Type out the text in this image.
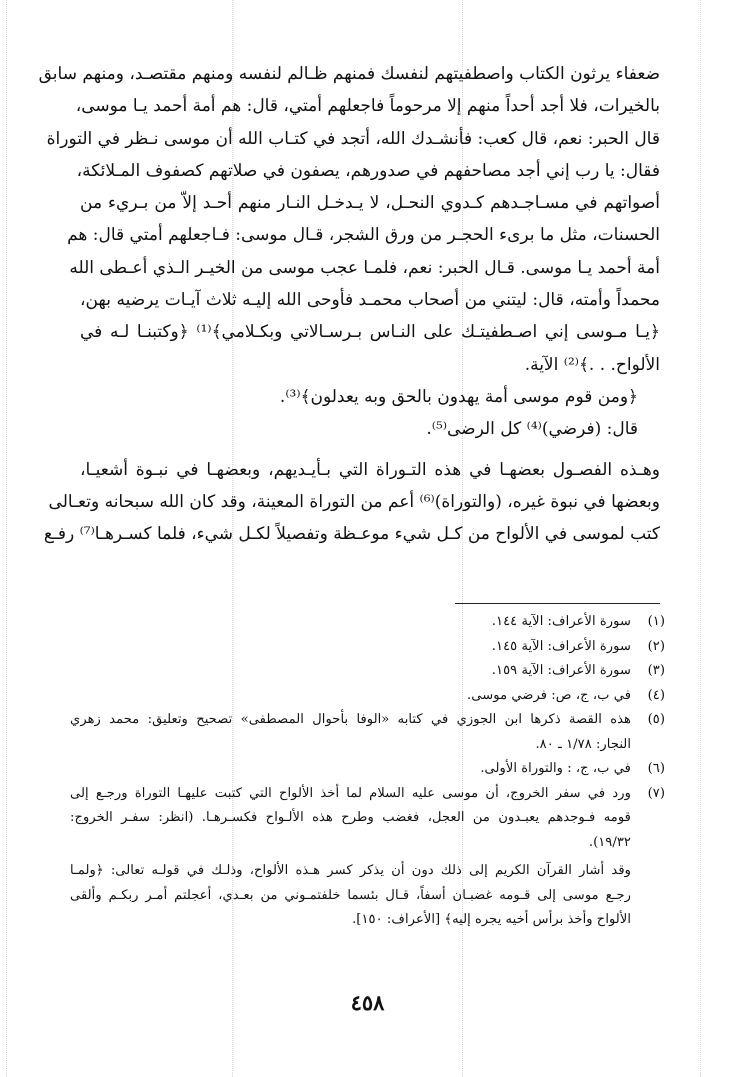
ضعفاء يرثون الكتاب واصطفيتهم لنفسك فمنهم ظـالم لنفسه ومنهم مقتصـد، ومنهم سابق
بالخيرات، فلا أجد أحداً منهم إلا مرحوماً فاجعلهم أمتي، قال: هم أمة أحمد يـا موسى،
قال الحبر: نعم، قال كعب: فأنشـدك الله، أتجد في كتـاب الله أن موسى نـظر في التوراة
فقال: يا رب إني أجد مصاحفهم في صدورهم، يصفون في صلاتهم كصفوف المـلائكة،
أصواتهم في مسـاجـدهم كـدوي النحـل، لا يـدخـل النـار منهم أحـد إلاّ من بـريء من
الحسنات، مثل ما برىء الحجـر من ورق الشجر، قـال موسى: فـاجعلهم أمتي قال: هم
أمة أحمد يـا موسى. قـال الحبر: نعم، فلمـا عجب موسى من الخيـر الـذي أعـطى الله
محمداً وأمته، قال: ليتني من أصحاب محمـد فأوحى الله إليـه ثلاث آيـات يرضيه بهن،
﴿يـا مـوسى إني اصـطفيتـك على النـاس بـرسـالاتي وبكـلامي﴾⁽¹⁾ ﴿وكتبنـا لـه في
الألواح. . .﴾⁽²⁾ الآية.
﴿ومن قوم موسى أمة يهدون بالحق وبه يعدلون﴾⁽³⁾.
قال: (فرضي)⁽⁴⁾ كل الرضى⁽⁵⁾.
وهـذه الفصـول بعضهـا في هذه التـوراة التي بـأيـديهم، وبعضهـا في نبـوة أشعيـا،
وبعضها في نبوة غيره، (والتوراة)⁽⁶⁾ أعم من التوراة المعينة، وقد كان الله سبحانه وتعـالى
كتب لموسى في الألواح من كـل شيء موعـظة وتفصيلاً لكـل شيء، فلما كسـرهـا⁽⁷⁾ رفـع
(١)
سورة الأعراف: الآية ١٤٤.
(٢)
سورة الأعراف: الآية ١٤٥.
(٣)
سورة الأعراف: الآية ١٥٩.
(٤)
في ب، ج، ص: فرضي موسى.
(٥)
هذه القصة ذكرها ابن الجوزي في كتابه «الوفا بأحوال المصطفى» تصحيح وتعليق: محمد زهري
النجار: ١/٧٨ ـ ٨٠.
(٦)
في ب، ج، : والتوراة الأولى.
(٧)
ورد في سفر الخروج، أن موسى عليه السلام لما أخذ الألواح التي كتبت عليهـا التوراة ورجـع إلى
قومه فـوجدهم يعبـدون من العجل، فغضب وطرح هذه الألـواح فكسـرهـا. (انظر: سفـر الخروج:
١٩/٣٢).
وقد أشار القرآن الكريم إلى ذلك دون أن يذكر كسر هـذه الألواح، وذلـك في قولـه تعالى: ﴿ولمـا
رجـع موسى إلى قـومه غضبـان أسفاً، قـال بئسما خلفتمـوني من بعـدي، أعجلتم أمـر ربكـم وألقى
الألواح وأخذ برأس أخيه يجره إليه﴾ [الأعراف: ١٥٠].
٤٥٨
